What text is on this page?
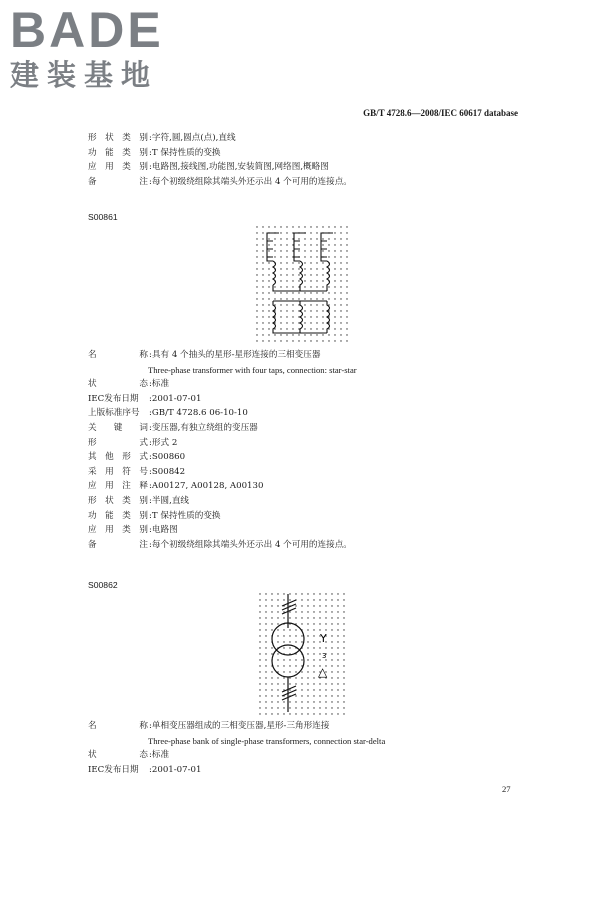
BADE
建装基地
GB/T 4728.6—2008/IEC 60617 database
形 状 类 别 :字符,圆,圆点(点),直线
功 能 类 别 :T 保持性质的变换
应 用 类 别 :电路图,接线图,功能图,安装简图,网络图,概略图
备	注 :每个初级绕组除其端头外还示出 4 个可用的连接点。
S00861
名	称 :具有 4 个抽头的星形-星形连接的三相变压器
Three-phase transformer with four taps, connection: star-star
状	态 :标准
IEC发布日期 :2001-07-01
上版标准序号 :GB/T 4728.6 06-10-10
关 键 词 :变压器,有独立绕组的变压器
形	式 :形式 2
其 他 形 式 :S00860
采 用 符 号 :S00842
应 用 注 释 :A00127, A00128, A00130
形 状 类 别 :半圆,直线
功 能 类 别 :T 保持性质的变换
应 用 类 别 :电路图
备	注 :每个初级绕组除其端头外还示出 4 个可用的连接点。
S00862
Y
3
△
名	称 :单相变压器组成的三相变压器,星形-三角形连接
Three-phase bank of single-phase transformers, connection star-delta
状	态 :标准
IEC发布日期 :2001-07-01
27
